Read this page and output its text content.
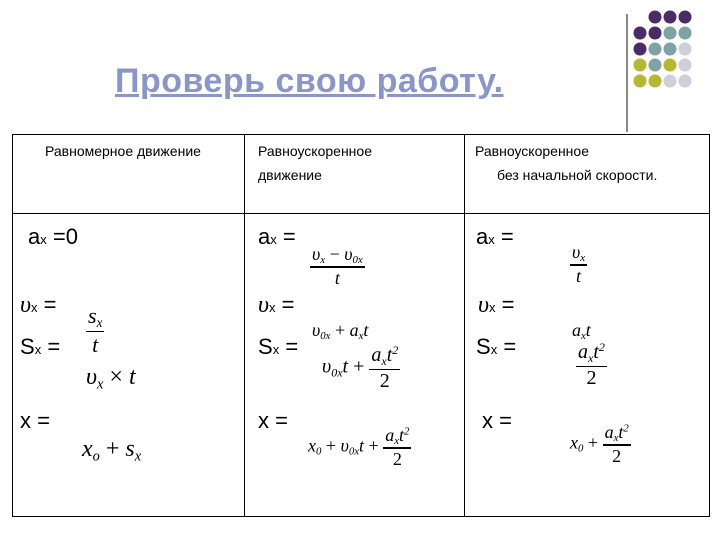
Проверь свою работу.
Равномерное движение	Равноускоренное
движение
Равноускоренное
без начальной скорости.
ax =0
υx =
Sx =
x =
$\frac{sx}{t}$
υx × t
xo + sx
ax =
υx =
Sx =
x =
$\frac{\upsilon x - \upsilon 0x}{t}$
υ0x + axt
$\upsilon 0xt + \frac{axt^2}{2}$
$x0 + \upsilon 0xt + \frac{axt^2}{2}$
ax =
υx =
Sx =
x =
$\frac{\upsilon x}{t}$
axt
$\frac{axt^2}{2}$
$x0 + \frac{axt^2}{2}$
